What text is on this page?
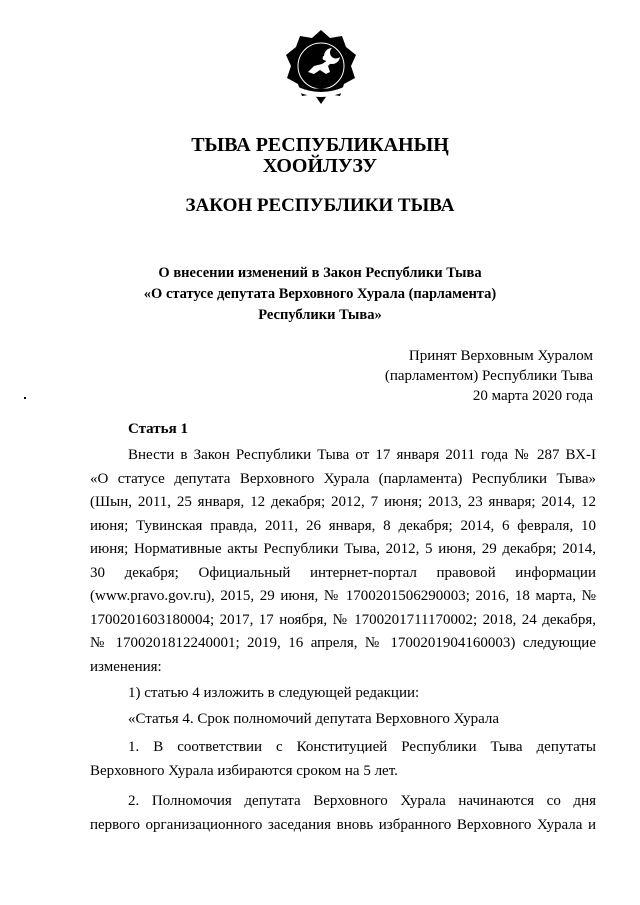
ТЫВА РЕСПУБЛИКАНЫҢ
ХООЙЛУЗУ
ЗАКОН РЕСПУБЛИКИ ТЫВА
О внесении изменений в Закон Республики Тыва
«О статусе депутата Верховного Хурала (парламента)
Республики Тыва»
Принят Верховным Хуралом
(парламентом) Республики Тыва
20 марта 2020 года
Статья 1
Внести в Закон Республики Тыва от 17 января 2011 года № 287 ВХ-I
«О статусе депутата Верховного Хурала (парламента) Республики Тыва»
(Шын, 2011, 25 января, 12 декабря; 2012, 7 июня; 2013, 23 января; 2014, 12
июня; Тувинская правда, 2011, 26 января, 8 декабря; 2014, 6 февраля, 10
июня; Нормативные акты Республики Тыва, 2012, 5 июня, 29 декабря; 2014,
30 декабря; Официальный интернет-портал правовой информации
(www.pravo.gov.ru), 2015, 29 июня, № 1700201506290003; 2016, 18 марта, №
1700201603180004; 2017, 17 ноября, № 1700201711170002; 2018, 24 декабря,
№ 1700201812240001; 2019, 16 апреля, № 1700201904160003) следующие
изменения:
1) статью 4 изложить в следующей редакции:
«Статья 4. Срок полномочий депутата Верховного Хурала
1. В соответствии с Конституцией Республики Тыва депутаты
Верховного Хурала избираются сроком на 5 лет.
2. Полномочия депутата Верховного Хурала начинаются со дня
первого организационного заседания вновь избранного Верховного Хурала и
